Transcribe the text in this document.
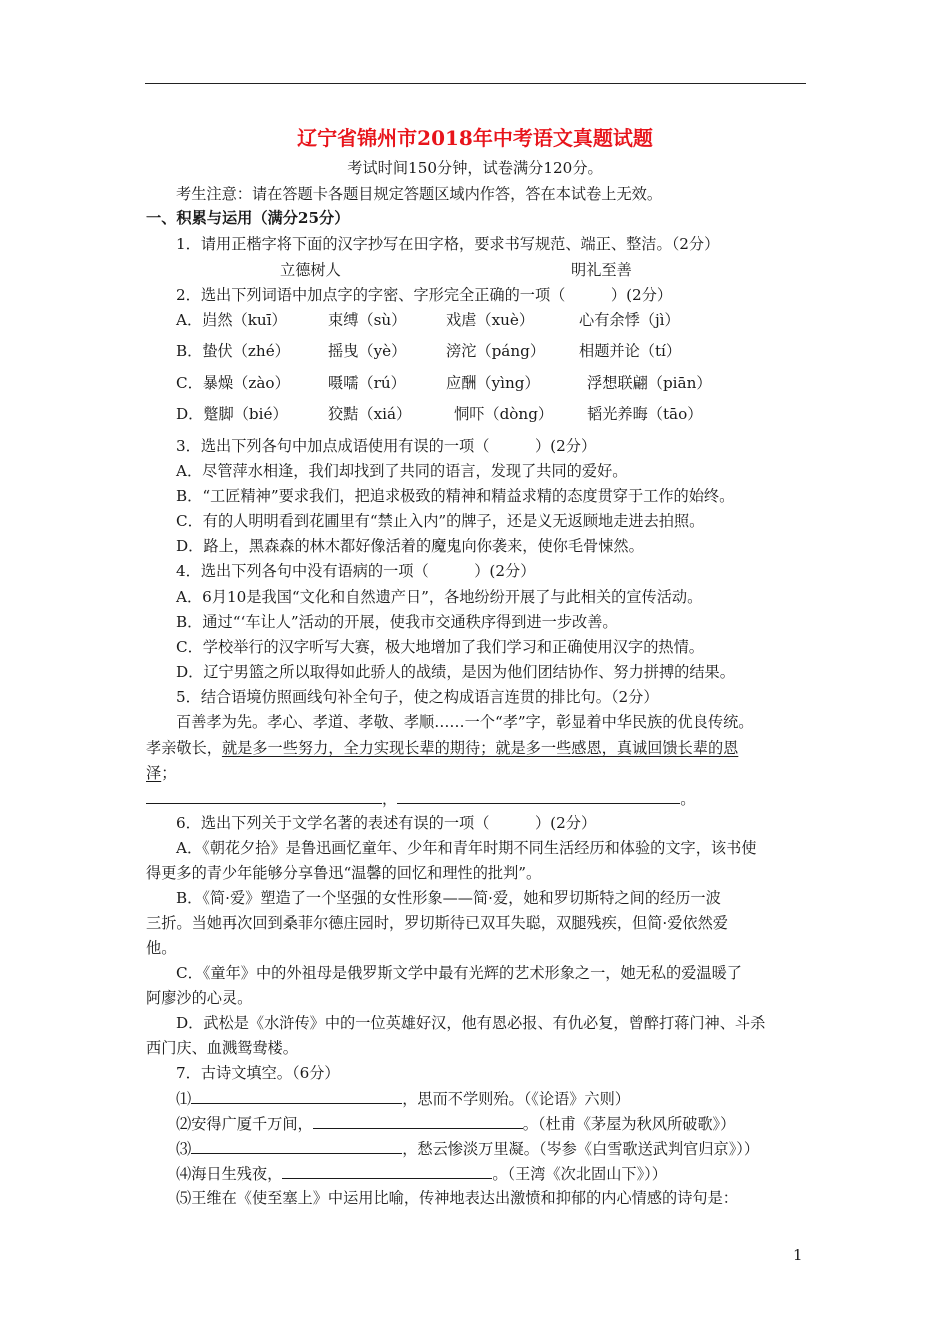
辽宁省锦州市2018年中考语文真题试题
考试时间150分钟，试卷满分120分。
考生注意：请在答题卡各题目规定答题区域内作答，答在本试卷上无效。
一、积累与运用（满分25分）
1．请用正楷字将下面的汉字抄写在田字格，要求书写规范、端正、整洁。（2分）
立德树人	明礼至善
2．选出下列词语中加点字的字密、字形完全正确的一项（　　　）(2分）
A．岿然（kuī）	束缚（sù）	戏虐（xuè）	心有余悸（jì）
B．蛰伏（zhé）	摇曳（yè）	滂沱（páng） 相题并论（tí）
C．暴燥（zào）	嗫嚅（rú）	应酬（yìng）	浮想联翩（piān）
D．蹩脚（bié）	狡黠（xiá）	恫吓（dòng） 韬光养晦（tāo）
3．选出下列各句中加点成语使用有误的一项（　　　）(2分）
A．尽管萍水相逢，我们却找到了共同的语言，发现了共同的爱好。
B．“工匠精神”要求我们，把追求极致的精神和精益求精的态度贯穿于工作的始终。
C．有的人明明看到花圃里有“禁止入内”的牌子，还是义无返顾地走进去拍照。
D．路上，黑森森的林木都好像活着的魔鬼向你袭来，使你毛骨悚然。
4．选出下列各句中没有语病的一项（　　　）(2分）
A．6月10是我国“文化和自然遗产日”，各地纷纷开展了与此相关的宣传活动。
B．通过“‘车让人”活动的开展，使我市交通秩序得到进一步改善。
C．学校举行的汉字听写大赛，极大地增加了我们学习和正确使用汉字的热情。
D．辽宁男篮之所以取得如此骄人的战绩，是因为他们团结协作、努力拼搏的结果。
5．结合语境仿照画线句补全句子，使之构成语言连贯的排比句。（2分）
百善孝为先。孝心、孝道、孝敬、孝顺……一个“孝”字，彰显着中华民族的优良传统。
孝亲敬长，就是多一些努力，全力实现长辈的期待；就是多一些感恩，真诚回馈长辈的恩
泽；
，	。
6．选出下列关于文学名著的表述有误的一项（　　　）(2分）
A．《朝花夕拾》是鲁迅画忆童年、少年和青年时期不同生活经历和体验的文字，该书使
得更多的青少年能够分享鲁迅“温馨的回忆和理性的批判”。
B．《简·爱》塑造了一个坚强的女性形象——简·爱，她和罗切斯特之间的经历一波
三折。当她再次回到桑菲尔德庄园时，罗切斯待已双耳失聪，双腿残疾，但简·爱依然爱
他。
C．《童年》中的外祖母是俄罗斯文学中最有光辉的艺术形象之一，她无私的爱温暖了
阿廖沙的心灵。
D．武松是《水浒传》中的一位英雄好汉，他有恩必报、有仇必复，曾醉打蒋门神、斗杀
西门庆、血溅鸳鸯楼。
7．古诗文填空。（6分）
⑴	，思而不学则殆。（《论语》六则）
⑵安得广厦千万间，	。（杜甫《茅屋为秋风所破歌》）
⑶	，愁云惨淡万里凝。（岑参《白雪歌送武判官归京》））
⑷海日生残夜，	。（王湾《次北固山下》））
⑸王维在《使至塞上》中运用比喻，传神地表达出激愤和抑郁的内心情感的诗句是：
1
